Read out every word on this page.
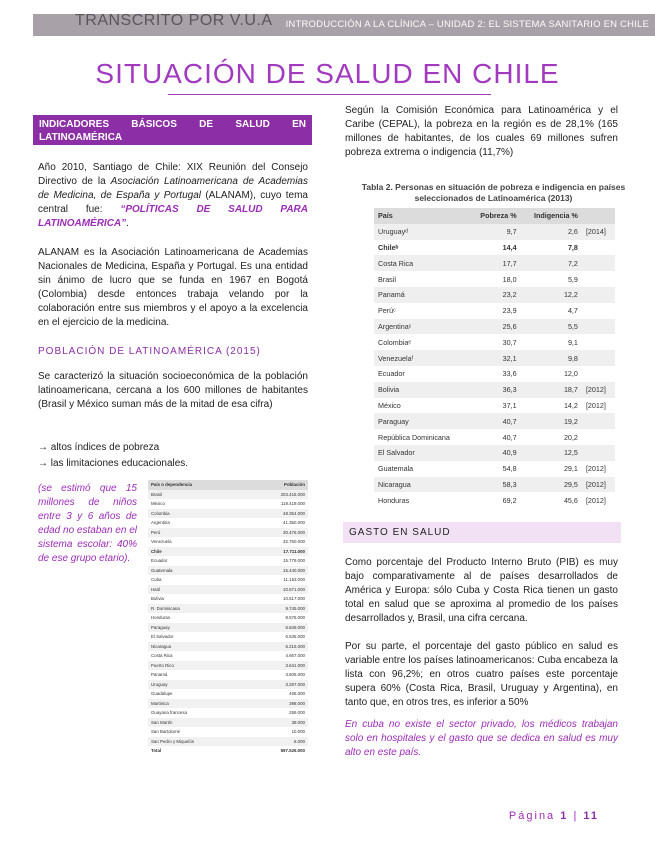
TRANSCRITO POR V.U.A INTRODUCCIÓN A LA CLÍNICA – UNIDAD 2: EL SISTEMA SANITARIO EN CHILE
SITUACIÓN DE SALUD EN CHILE
INDICADORES BÁSICOS DE SALUD EN LATINOAMÉRICA

Año 2010, Santiago de Chile: XIX Reunión del Consejo Directivo de la Asociación Latinoamericana de Academias de Medicina, de España y Portugal (ALANAM), cuyo tema central fue: “POLÍTICAS DE SALUD PARA LATINOAMÉRICA”.

ALANAM es la Asociación Latinoamericana de Academias Nacionales de Medicina, España y Portugal. Es una entidad sin ánimo de lucro que se funda en 1967 en Bogotá (Colombia) desde entonces trabaja velando por la colaboración entre sus miembros y el apoyo a la excelencia en el ejercicio de la medicina.

POBLACIÓN DE LATINOAMÉRICA (2015)

Se caracterizó la situación socioeconómica de la población latinoamericana, cercana a los 600 millones de habitantes (Brasil y México suman más de la mitad de esa cifra)

→ altos índices de pobreza
→ las limitaciones educacionales.
(se estimó que 15 millones de niños entre 3 y 6 años de edad no estaban en el sistema escolar: 40% de ese grupo etario).
País o dependencia	Población
Brasil	203.415.000
México	118.419.000
Colombia	48.354.000
Argentina	41.350.000
Perú	30.476.000
Venezuela	32.760.000
Chile	17.711.000
Ecuador	15.779.000
Guatemala	15.440.000
Cuba	11.163.000
Haití	10.671.000
Bolivia	10.517.000
R. Dominicana	9.745.000
Honduras	8.576.000
Paraguay	6.849.000
El Salvador	6.635.000
Nicaragua	6.216.000
Costa Rica	4.667.000
Puerto Rico	3.641.000
Panamá	3.605.000
Uruguay	3.297.000
Guadalupe	406.000
Martinica	398.000
Guayana francesa	259.000
San Martín	39.000
San Bartolomé	10.000
San Pedro y Miquelón	6.000
Total	597.526.000

Según la Comisión Económica para Latinoamérica y el Caribe (CEPAL), la pobreza en la región es de 28,1% (165 millones de habitantes, de los cuales 69 millones sufren pobreza extrema o indigencia (11,7%)

Tabla 2. Personas en situación de pobreza e indigencia en países seleccionados de Latinoamérica (2013)
País	Pobreza %	Indigencia %	
Uruguayᵈ	9,7	2,6	[2014]
Chileᵇ	14,4	7,8	
Costa Rica	17,7	7,2	
Brasil	18,0	5,9	
Panamá	23,2	12,2	
Perúᶜ	23,9	4,7	
Argentinaᶜ	25,6	5,5	
Colombiaᵉ	30,7	9,1	
Venezuelaᶠ	32,1	9,8	
Ecuador	33,6	12,0	
Bolivia	36,3	18,7	[2012]
México	37,1	14,2	[2012]
Paraguay	40,7	19,2	
República Dominicana	40,7	20,2	
El Salvador	40,9	12,5	
Guatemala	54,8	29,1	[2012]
Nicaragua	58,3	29,5	[2012]
Honduras	69,2	45,6	[2012]
GASTO EN SALUD

Como porcentaje del Producto Interno Bruto (PIB) es muy bajo comparativamente al de países desarrollados de América y Europa: sólo Cuba y Costa Rica tienen un gasto total en salud que se aproxima al promedio de los países desarrollados y, Brasil, una cifra cercana.

Por su parte, el porcentaje del gasto público en salud es variable entre los países latinoamericanos: Cuba encabeza la lista con 96,2%; en otros cuatro países este porcentaje supera 60% (Costa Rica, Brasil, Uruguay y Argentina), en tanto que, en otros tres, es inferior a 50%

En cuba no existe el sector privado, los médicos trabajan solo en hospitales y el gasto que se dedica en salud es muy alto en este país.

Página 1 | 11
